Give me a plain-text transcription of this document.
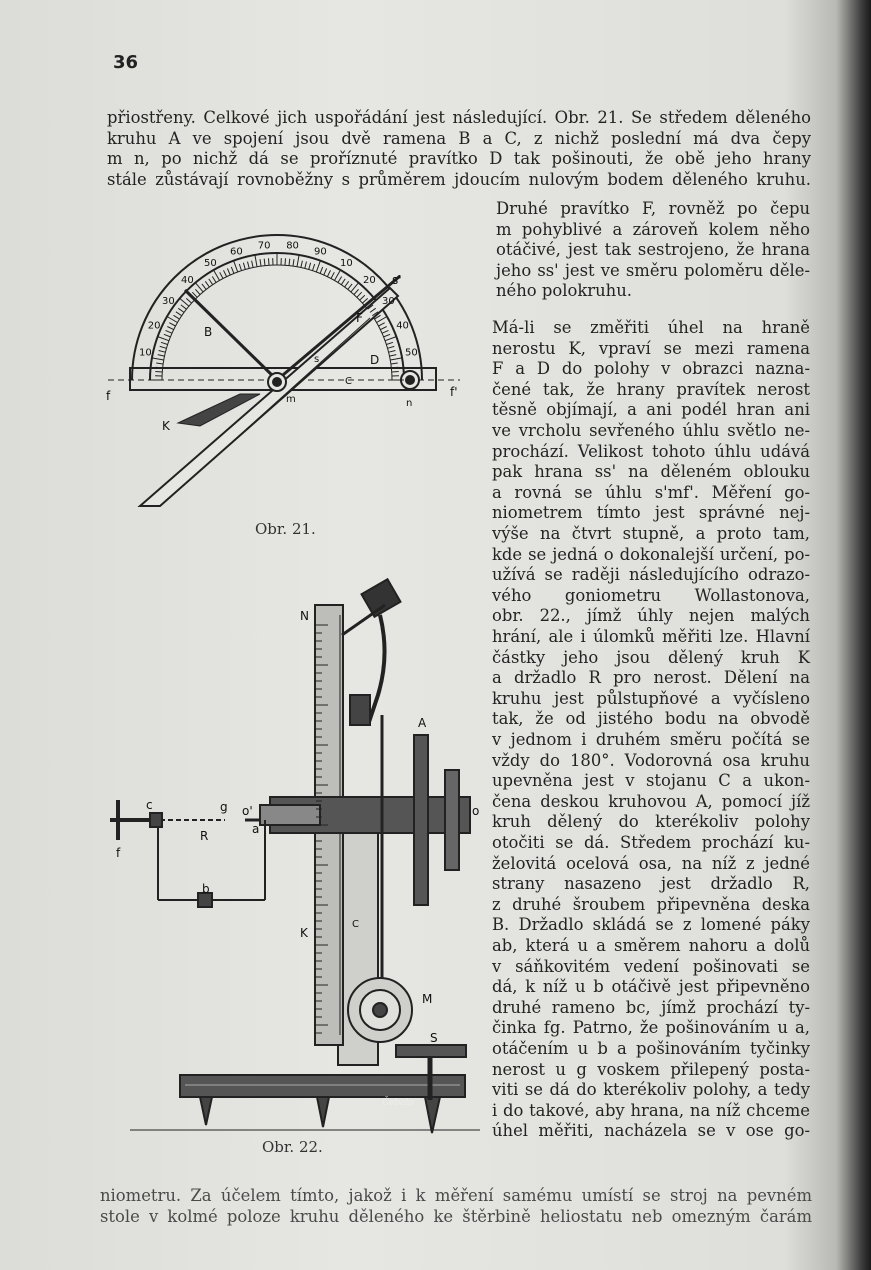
36
přiostřeny. Celkové jich uspořádání jest následující. Obr. 21. Se středem děleného
kruhu A ve spojení jsou dvě ramena B a C, z nichž poslední má dva čepy
m n, po nichž dá se proříznuté pravítko D tak pošinouti, že obě jeho hrany
stále zůstávají rovnoběžny s průměrem jdoucím nulovým bodem děleného kruhu.
Druhé pravítko F, rovněž po čepu
m pohyblivé a zároveň kolem něho
otáčivé, jest tak sestrojeno, že hrana
jeho ss' jest ve směru poloměru děle-
ného polokruhu.
Má-li se změřiti úhel na hraně
nerostu K, vpraví se mezi ramena
F a D do polohy v obrazci nazna-
čené tak, že hrany pravítek nerost
těsně objímají, a ani podél hran ani
ve vrcholu sevřeného úhlu světlo ne-
prochází. Velikost tohoto úhlu udává
pak hrana ss' na děleném oblouku
a rovná se úhlu s'mf'. Měření go-
niometrem tímto jest správné nej-
výše na čtvrt stupně, a proto tam,
kde se jedná o dokonalejší určení, po-
užívá se raději následujícího odrazo-
vého goniometru Wollastonova,
obr. 22., jímž úhly nejen malých
hrání, ale i úlomků měřiti lze. Hlavní
částky jeho jsou dělený kruh K
a držadlo R pro nerost. Dělení na
kruhu jest půlstupňové a vyčísleno
tak, že od jistého bodu na obvodě
v jednom i druhém směru počítá se
vždy do 180°. Vodorovná osa kruhu
upevněna jest v stojanu C a ukon-
čena deskou kruhovou A, pomocí jíž
kruh dělený do kterékoliv polohy
otočiti se dá. Středem prochází ku-
želovitá ocelová osa, na níž z jedné
strany nasazeno jest držadlo R,
z druhé šroubem připevněna deska
B. Držadlo skládá se z lomené páky
ab, která u a směrem nahoru a dolů
v sáňkovitém vedení pošinovati se
dá, k níž u b otáčivě jest připevněno
druhé rameno bc, jímž prochází ty-
činka fg. Patrno, že pošinováním u a,
otáčením u b a pošinováním tyčinky
nerost u g voskem přilepený posta-
viti se dá do kterékoliv polohy, a tedy
i do takové, aby hrana, na níž chceme
úhel měřiti, nacházela se v ose go-
niometru. Za účelem tímto, jakož i k měření samému umístí se stroj na pevném
stole v kolmé poloze kruhu děleného ke štěrbině heliostatu neb omezným čarám
B
F
s
s'
D
C
m	n
f	f'
K
10
20
30
40
50
60
70 80
90
10
20
30
40
50
Obr. 21.
N
A
o
c	g o'
a
f
R
b
K
C
M
S
Čebalo
Obr. 22.
